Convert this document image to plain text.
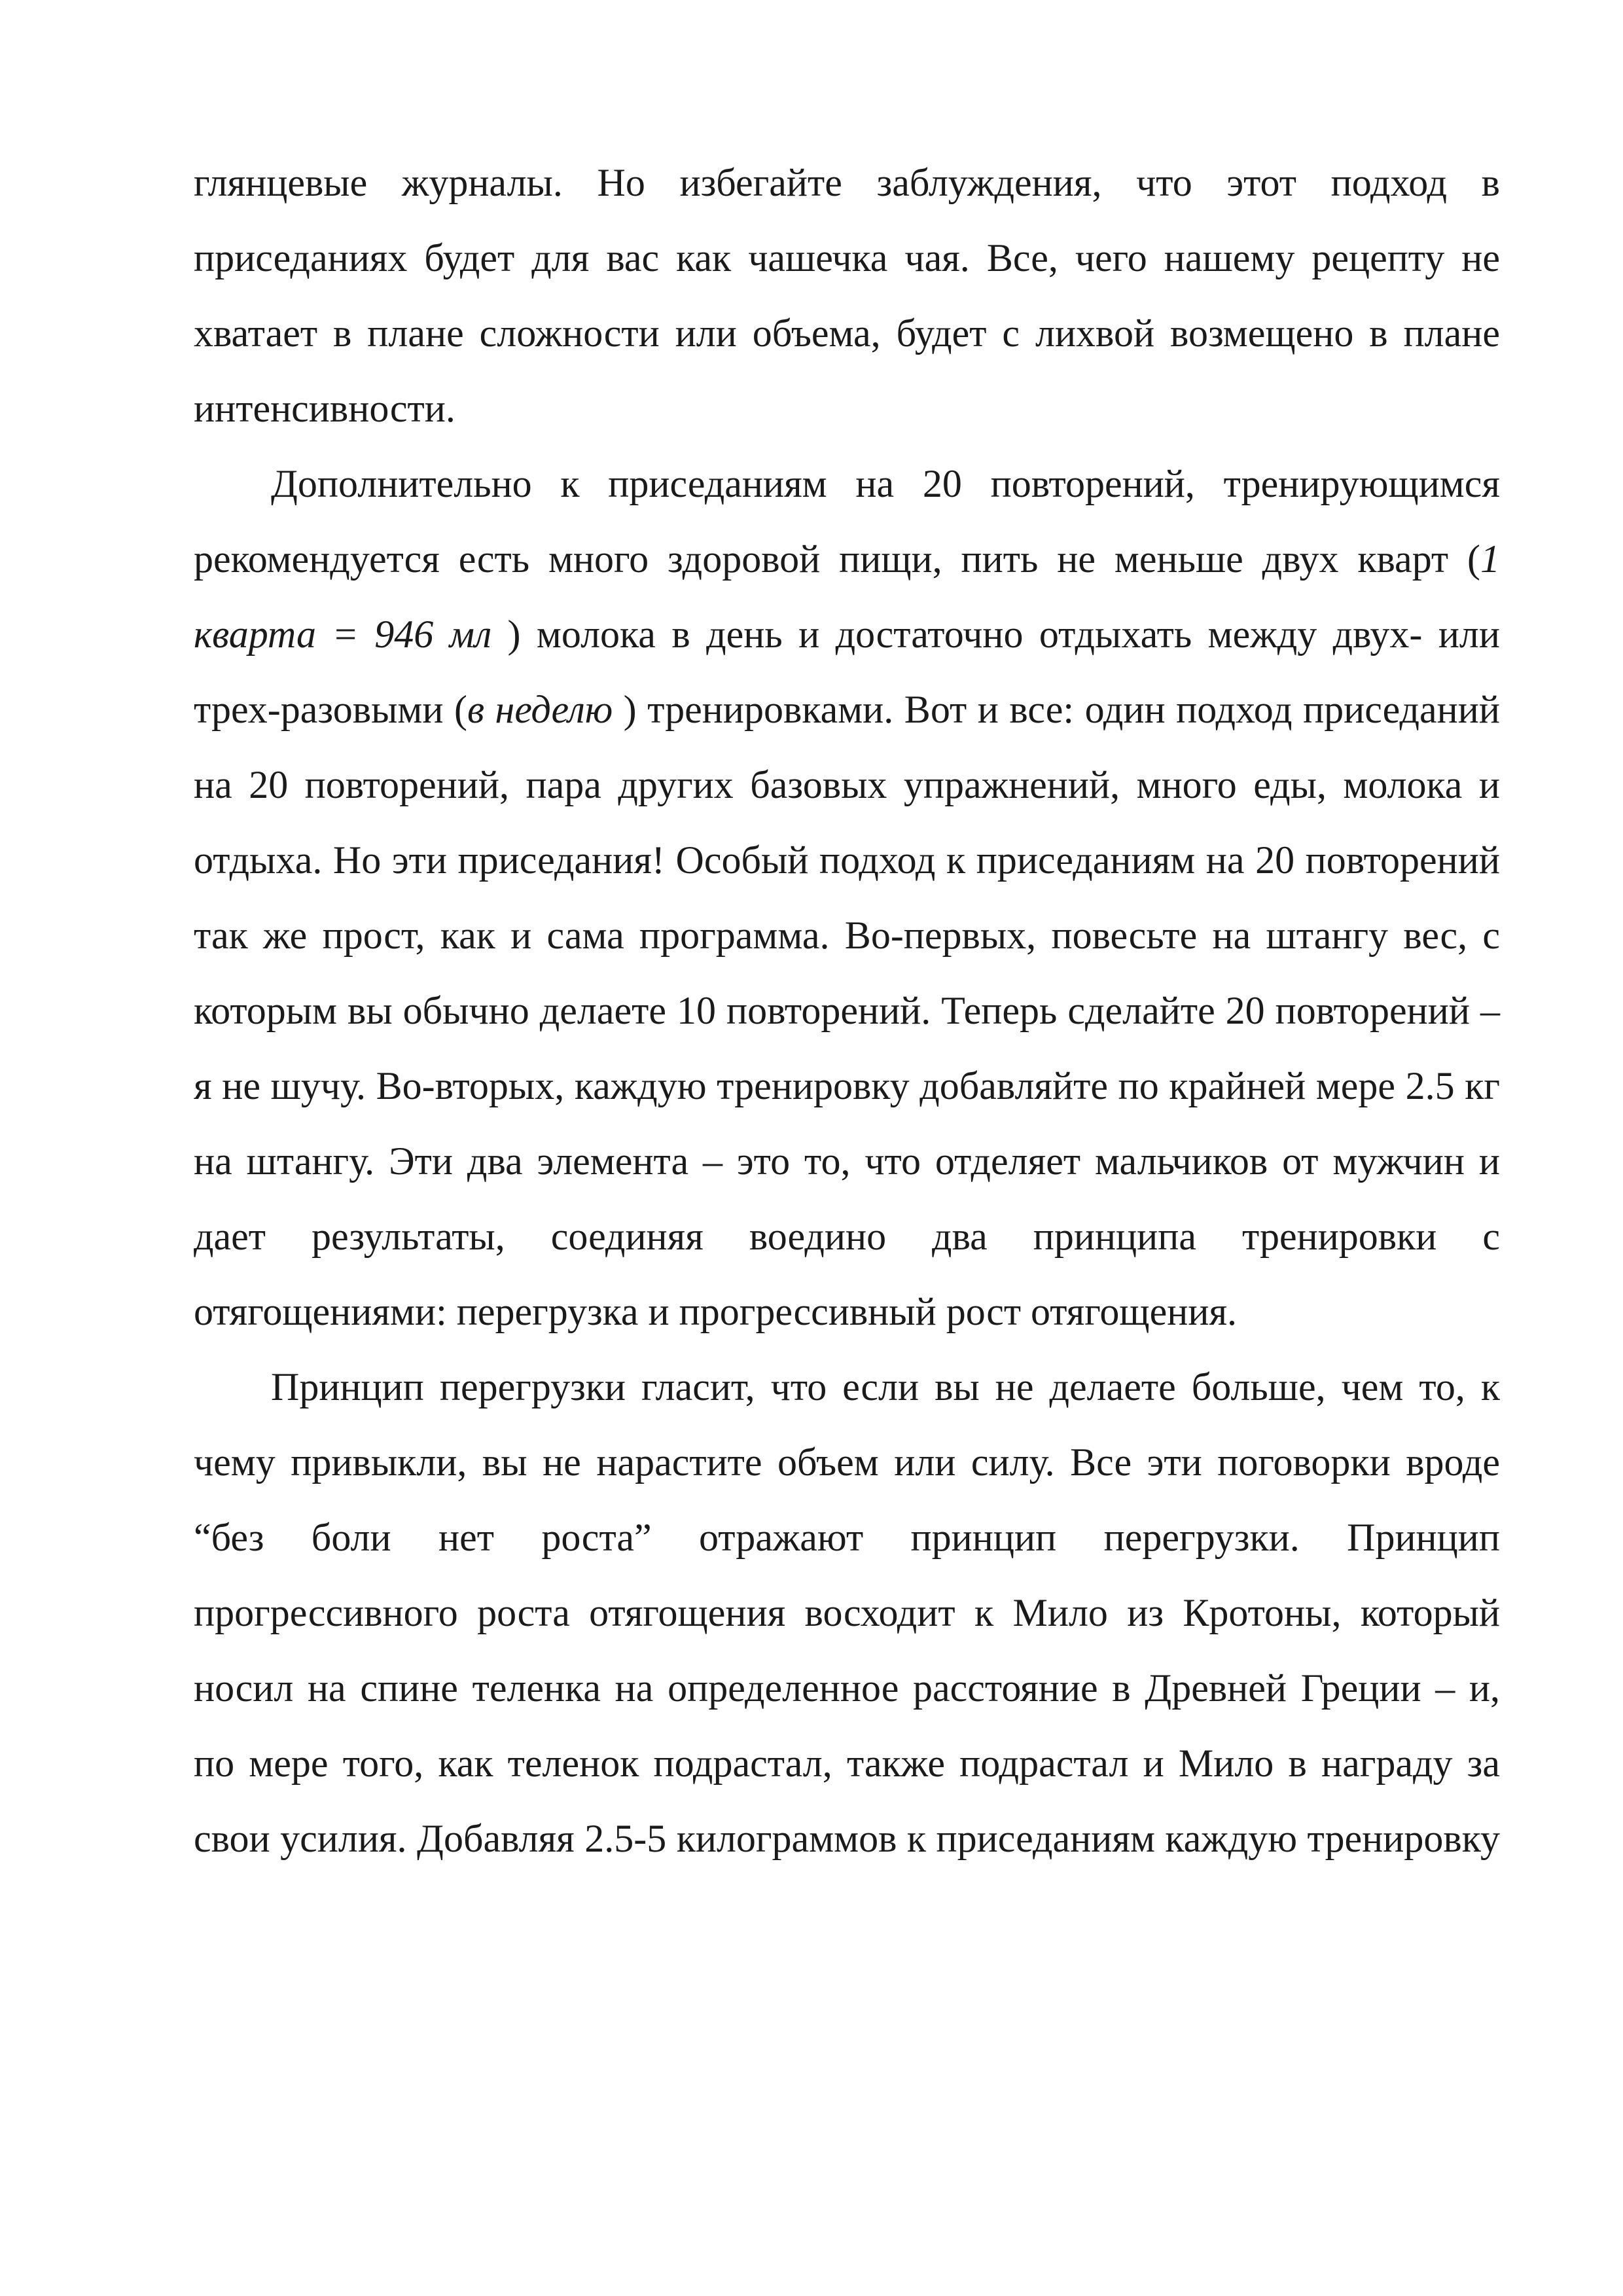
глянцевые журналы. Но избегайте заблуждения, что этот подход в приседаниях будет для вас как чашечка чая. Все, чего нашему рецепту не хватает в плане сложности или объема, будет с лихвой возмещено в плане интенсивности.

Дополнительно к приседаниям на 20 повторений, тренирующимся рекомендуется есть много здоровой пищи, пить не меньше двух кварт (1 кварта = 946 мл ) молока в день и достаточно отдыхать между двух- или трех-разовыми (в неделю ) тренировками. Вот и все: один подход приседаний на 20 повторений, пара других базовых упражнений, много еды, молока и отдыха. Но эти приседания! Особый подход к приседаниям на 20 повторений так же прост, как и сама программа. Во-первых, повесьте на штангу вес, с которым вы обычно делаете 10 повторений. Теперь сделайте 20 повторений – я не шучу. Во-вторых, каждую тренировку добавляйте по крайней мере 2.5 кг на штангу. Эти два элемента – это то, что отделяет мальчиков от мужчин и дает результаты, соединяя воедино два принципа тренировки с отягощениями: перегрузка и прогрессивный рост отягощения.

Принцип перегрузки гласит, что если вы не делаете больше, чем то, к чему привыкли, вы не нарастите объем или силу. Все эти поговорки вроде “без боли нет роста” отражают принцип перегрузки. Принцип прогрессивного роста отягощения восходит к Мило из Кротоны, который носил на спине теленка на определенное расстояние в Древней Греции – и, по мере того, как теленок подрастал, также подрастал и Мило в награду за свои усилия. Добавляя 2.5-5 килограммов к приседаниям каждую тренировку
